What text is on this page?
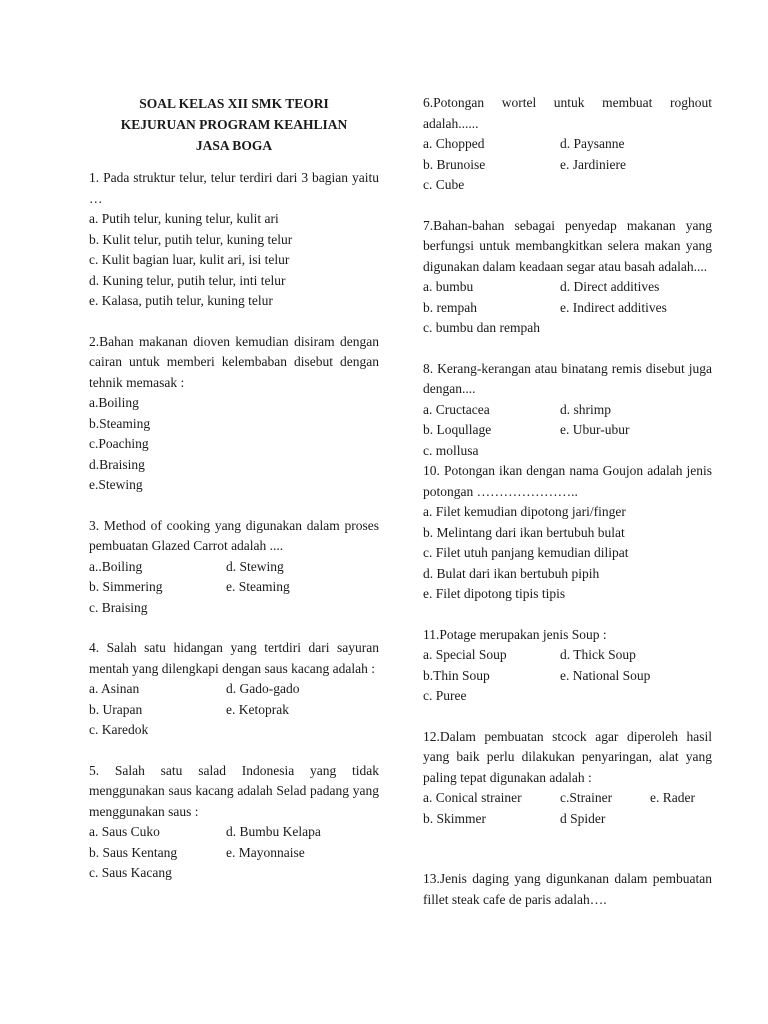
SOAL KELAS XII SMK TEORI
KEJURUAN PROGRAM KEAHLIAN
JASA BOGA
1. Pada struktur telur, telur terdiri dari 3 bagian yaitu …
a. Putih telur, kuning telur, kulit ari
b. Kulit telur, putih telur, kuning telur
c. Kulit bagian luar, kulit ari, isi telur
d. Kuning telur, putih telur, inti telur
e. Kalasa, putih telur, kuning telur
2.Bahan makanan dioven kemudian disiram dengan cairan untuk memberi kelembaban disebut dengan tehnik memasak :
a.Boiling
b.Steaming
c.Poaching
d.Braising
e.Stewing
3. Method of cooking yang digunakan dalam proses pembuatan Glazed Carrot adalah ....
a..Boiling	d. Stewing
b. Simmering	e. Steaming
c. Braising
4. Salah satu hidangan yang tertdiri dari sayuran mentah yang dilengkapi dengan saus kacang adalah :
a. Asinan	d. Gado-gado
b. Urapan	e. Ketoprak
c. Karedok
5. Salah satu salad Indonesia yang tidak menggunakan saus kacang adalah Selad padang yang menggunakan saus :
a. Saus Cuko	d. Bumbu Kelapa
b. Saus Kentang	e. Mayonnaise
c. Saus Kacang
6.Potongan wortel untuk membuat roghout adalah......
a. Chopped	d. Paysanne
b. Brunoise	e. Jardiniere
c. Cube
7.Bahan-bahan sebagai penyedap makanan yang berfungsi untuk membangkitkan selera makan yang digunakan dalam keadaan segar atau basah adalah....
a. bumbu	d. Direct additives
b. rempah	e. Indirect additives
c. bumbu dan rempah
8. Kerang-kerangan atau binatang remis disebut juga dengan....
a. Cructacea	d. shrimp
b. Loqullage	e. Ubur-ubur
c. mollusa
10. Potongan ikan dengan nama Goujon adalah jenis potongan …………………..
a. Filet kemudian dipotong jari/finger
b. Melintang dari ikan bertubuh bulat
c. Filet utuh panjang kemudian dilipat
d. Bulat dari ikan bertubuh pipih
e. Filet dipotong tipis tipis
11.Potage merupakan jenis Soup :
a. Special Soup	d. Thick Soup
b.Thin Soup	e. National Soup
c. Puree
12.Dalam pembuatan stcock agar diperoleh hasil yang baik perlu dilakukan penyaringan, alat yang paling tepat digunakan adalah :
a. Conical strainer	c.Strainer	e. Rader
b. Skimmer	d Spider
13.Jenis daging yang digunkanan dalam pembuatan fillet steak cafe de paris adalah….
